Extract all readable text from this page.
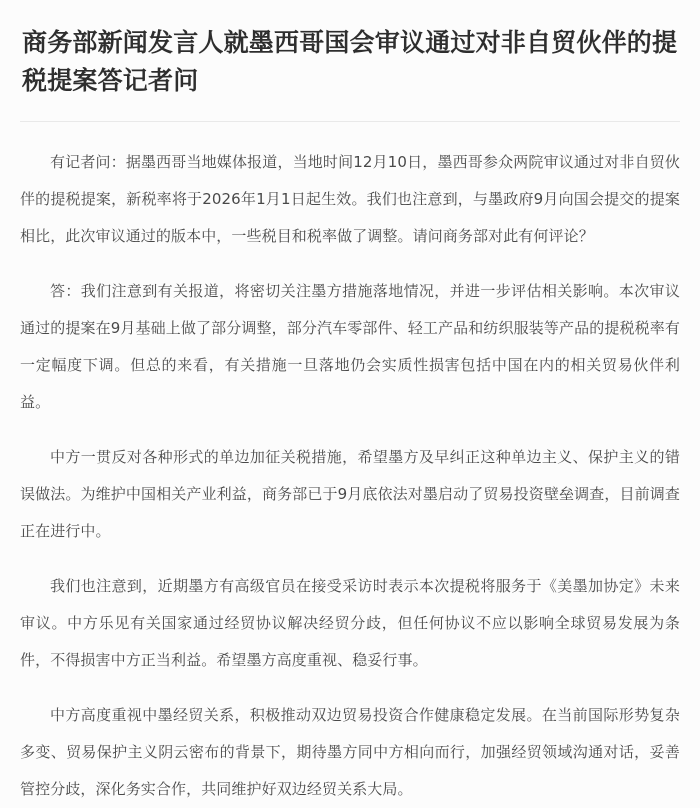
商务部新闻发言人就墨西哥国会审议通过对非自贸伙伴的提税提案答记者问

有记者问：据墨西哥当地媒体报道，当地时间12月10日，墨西哥参众两院审议通过对非自贸伙伴的提税提案，新税率将于2026年1月1日起生效。我们也注意到，与墨政府9月向国会提交的提案相比，此次审议通过的版本中，一些税目和税率做了调整。请问商务部对此有何评论？

答：我们注意到有关报道，将密切关注墨方措施落地情况，并进一步评估相关影响。本次审议通过的提案在9月基础上做了部分调整，部分汽车零部件、轻工产品和纺织服装等产品的提税税率有一定幅度下调。但总的来看，有关措施一旦落地仍会实质性损害包括中国在内的相关贸易伙伴利益。

中方一贯反对各种形式的单边加征关税措施，希望墨方及早纠正这种单边主义、保护主义的错误做法。为维护中国相关产业利益，商务部已于9月底依法对墨启动了贸易投资壁垒调查，目前调查正在进行中。

我们也注意到，近期墨方有高级官员在接受采访时表示本次提税将服务于《美墨加协定》未来审议。中方乐见有关国家通过经贸协议解决经贸分歧，但任何协议不应以影响全球贸易发展为条件，不得损害中方正当利益。希望墨方高度重视、稳妥行事。

中方高度重视中墨经贸关系，积极推动双边贸易投资合作健康稳定发展。在当前国际形势复杂多变、贸易保护主义阴云密布的背景下，期待墨方同中方相向而行，加强经贸领域沟通对话，妥善管控分歧，深化务实合作，共同维护好双边经贸关系大局。
